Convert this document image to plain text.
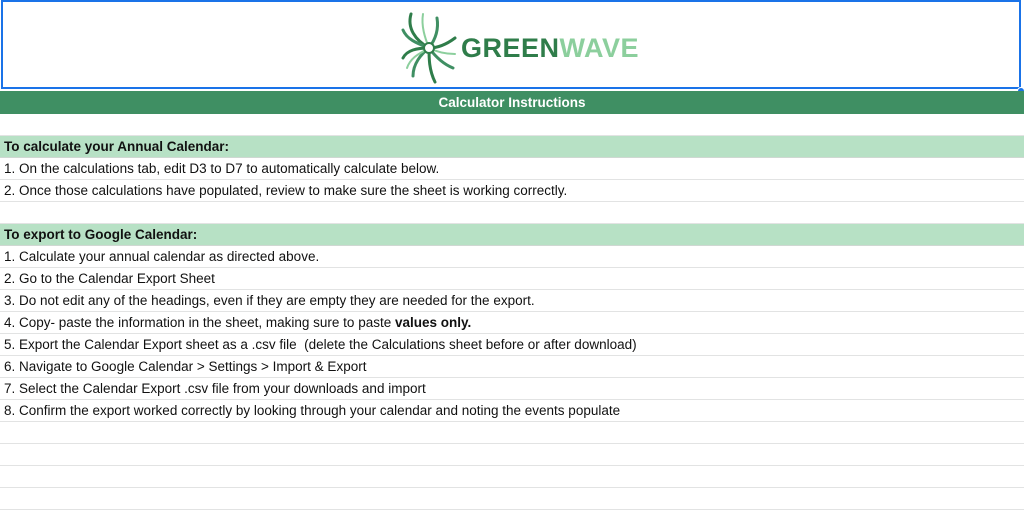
GREEN WAVE
Calculator Instructions
To calculate your Annual Calendar:
1. On the calculations tab, edit D3 to D7 to automatically calculate below.
2. Once those calculations have populated, review to make sure the sheet is working correctly.
To export to Google Calendar:
1. Calculate your annual calendar as directed above.
2. Go to the Calendar Export Sheet
3. Do not edit any of the headings, even if they are empty they are needed for the export.
4. Copy- paste the information in the sheet, making sure to paste values only.
5. Export the Calendar Export sheet as a .csv file  (delete the Calculations sheet before or after download)
6. Navigate to Google Calendar > Settings > Import & Export
7. Select the Calendar Export .csv file from your downloads and import
8. Confirm the export worked correctly by looking through your calendar and noting the events populate
